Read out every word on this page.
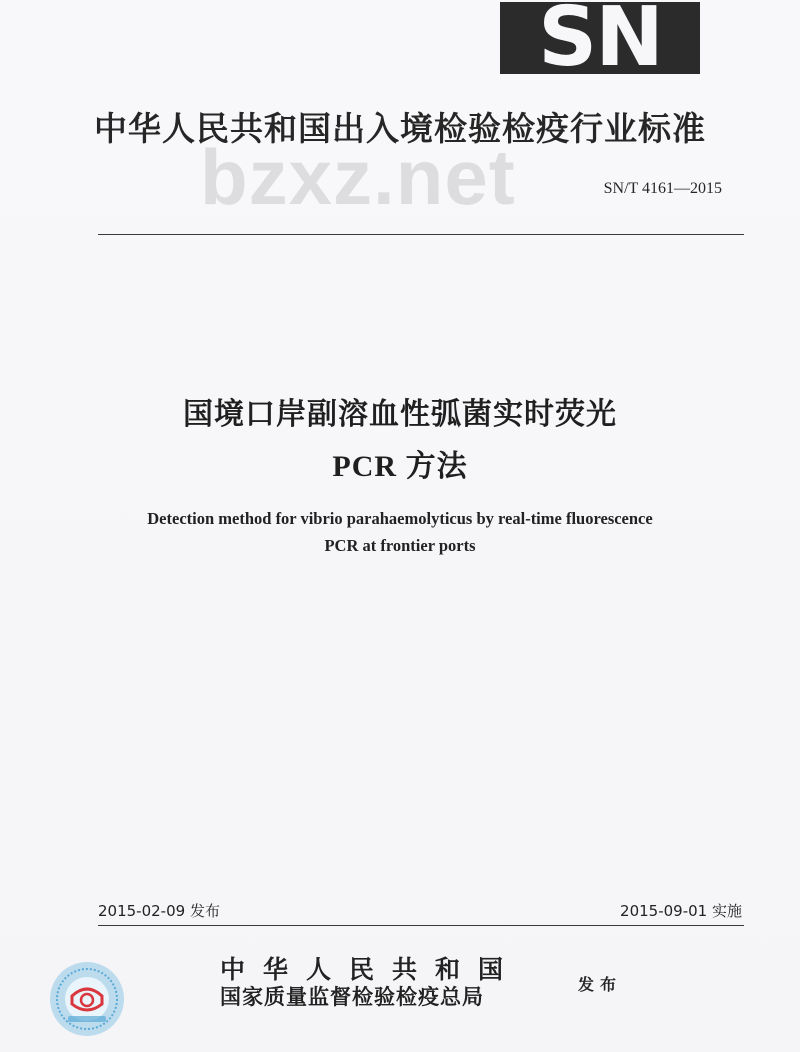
SN
中华人民共和国出入境检验检疫行业标准
bzxz.net	SN/T 4161—2015
国境口岸副溶血性弧菌实时荧光
PCR 方法
Detection method for vibrio parahaemolyticus by real-time fluorescence
PCR at frontier ports
2015-02-09 发布	2015-09-01 实施
中华人民共和国
国家质量监督检验检疫总局	发布
